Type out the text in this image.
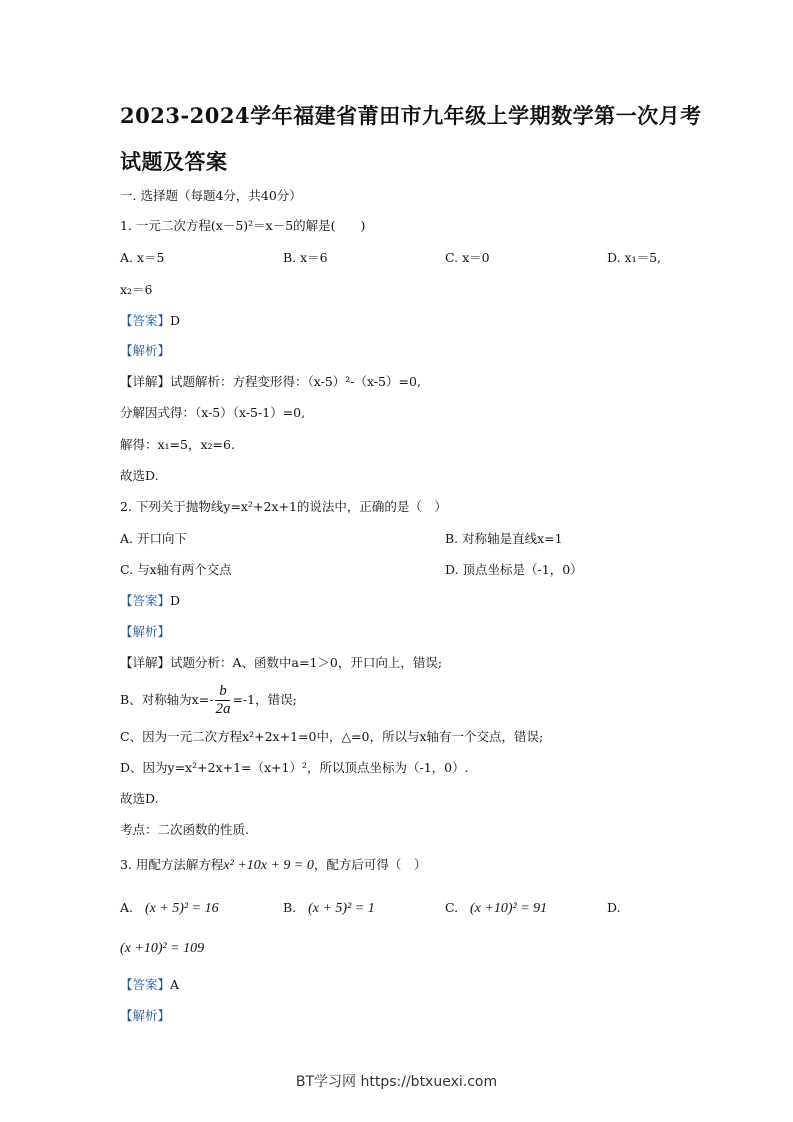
2023-2024学年福建省莆田市九年级上学期数学第一次月考
试题及答案
一. 选择题（每题4分，共40分）
1. 一元二次方程(x－5)²＝x－5的解是(　　)
A. x＝5	B. x＝6	C. x＝0	D. x₁＝5,
x₂＝6
【答案】D
【解析】
【详解】试题解析：方程变形得：（x-5）²-（x-5）=0,
分解因式得：（x-5）（x-5-1）=0,
解得：x₁=5，x₂=6.
故选D.
2. 下列关于抛物线y=x²+2x+1的说法中，正确的是（　）
A. 开口向下	B. 对称轴是直线x=1
C. 与x轴有两个交点	D. 顶点坐标是（-1，0）
【答案】D
【解析】
【详解】试题分析：A、函数中a=1＞0，开口向上，错误;
B、对称轴为$x=- \frac{b}{2a} =-1$，错误;
C、因为一元二次方程x²+2x+1=0中，△=0，所以与x轴有一个交点，错误;
D、因为y=x²+2x+1=（x+1）²，所以顶点坐标为（-1，0）.
故选D.
考点：二次函数的性质.
3. 用配方法解方程x² +10x + 9 = 0，配方后可得（　）
A. (x + 5)² = 16	B. (x + 5)² = 1	C. (x +10)² = 91	D.
(x +10)² = 109
【答案】A
【解析】
BT学习网 https://btxuexi.com
